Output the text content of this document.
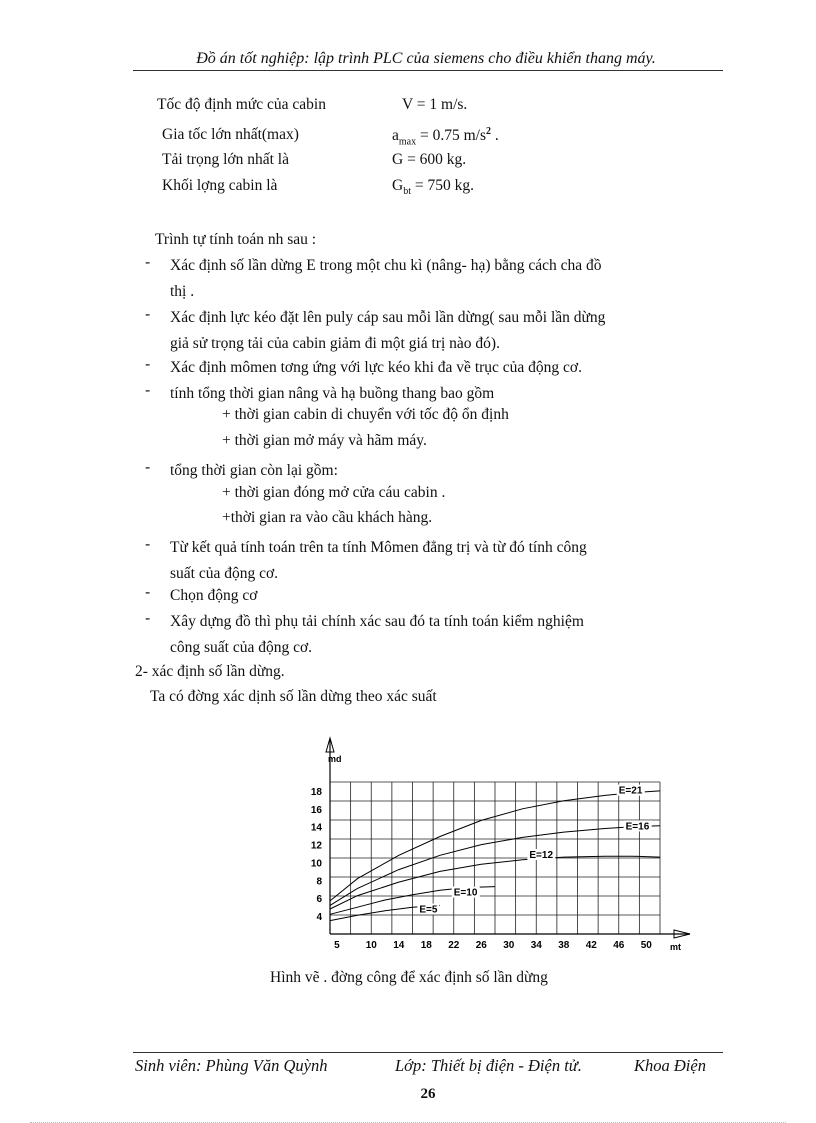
Đồ án tốt nghiệp: lập trình PLC của siemens cho điều khiển thang máy.
Tốc độ định mức của cabin	V = 1 m/s.
Gia tốc lớn nhất(max)	$a_{max} = 0.75$ $m/s^2$ .
Tải trọng lớn nhất là	G = 600 kg.
Khối lợng cabin là	$G_{bt} = 750$ kg.
Trình tự tính toán nh sau :
- Xác định số lần dừng E trong một chu kì (nâng- hạ) bằng cách cha đồ
thị .
- Xác định lực kéo đặt lên puly cáp sau mỗi lần dừng( sau mỗi lần dừng
giả sử trọng tải của cabin giảm đi một giá trị nào đó).
- Xác định mômen tơng ứng với lực kéo khi đa về trục của động cơ.
- tính tổng thời gian nâng và hạ buồng thang bao gồm
+ thời gian cabin di chuyển với tốc độ ổn định
+ thời gian mở máy và hãm máy.
- tổng thời gian còn lại gồm:
+ thời gian đóng mở cửa cáu cabin .
+thời gian ra vào cầu khách hàng.
- Từ kết quả tính toán trên ta tính Mômen đẳng trị và từ đó tính công
suất của động cơ.
- Chọn động cơ
- Xây dựng đồ thì phụ tải chính xác sau đó ta tính toán kiểm nghiệm
công suất của động cơ.
2- xác định số lần dừng.
Ta có đờng xác dịnh số lần dừng theo xác suất
md
mt
4
6
8
10
12
14
16
18
5	10 14 18 22 26 30 34 38 42 46 50
E=21
E=16
E=12
E=10
E=5
Hình vẽ . đờng công để xác định số lần dừng
Sinh viên: Phùng Văn Quỳnh	Lớp: Thiết bị điện - Điện tử.	Khoa Điện
26
